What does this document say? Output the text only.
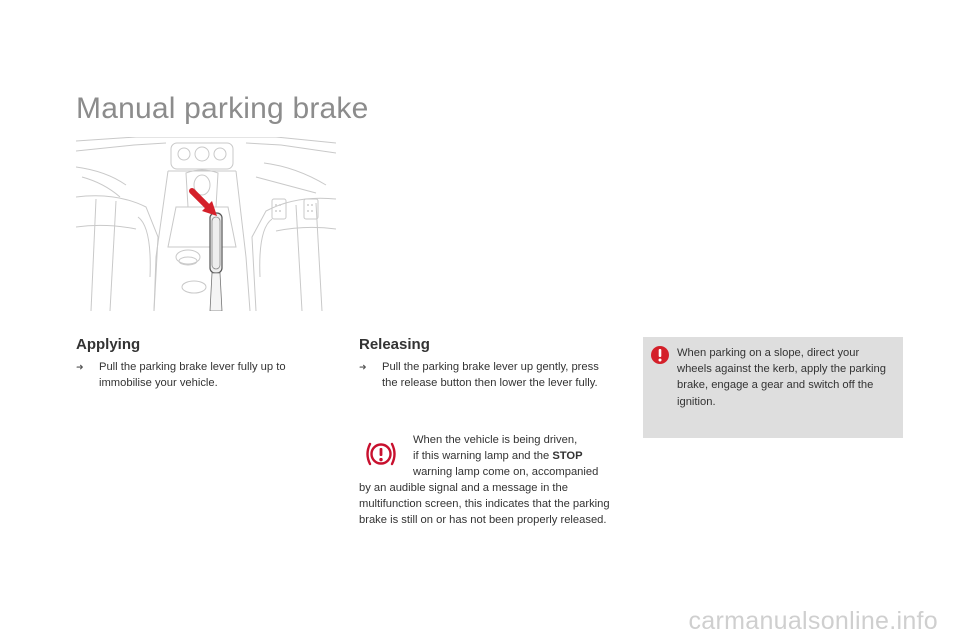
Manual parking brake
Applying
➜	Pull the parking brake lever fully up to immobilise your vehicle.
Releasing
➜	Pull the parking brake lever up gently, press the release button then lower the lever fully.
When the vehicle is being driven,
if this warning lamp and the STOP
warning lamp come on, accompanied
by an audible signal and a message in the multifunction screen, this indicates that the parking brake is still on or has not been properly released.
When parking on a slope, direct your wheels against the kerb, apply the parking brake, engage a gear and switch off the ignition.
carmanualsonline.info
